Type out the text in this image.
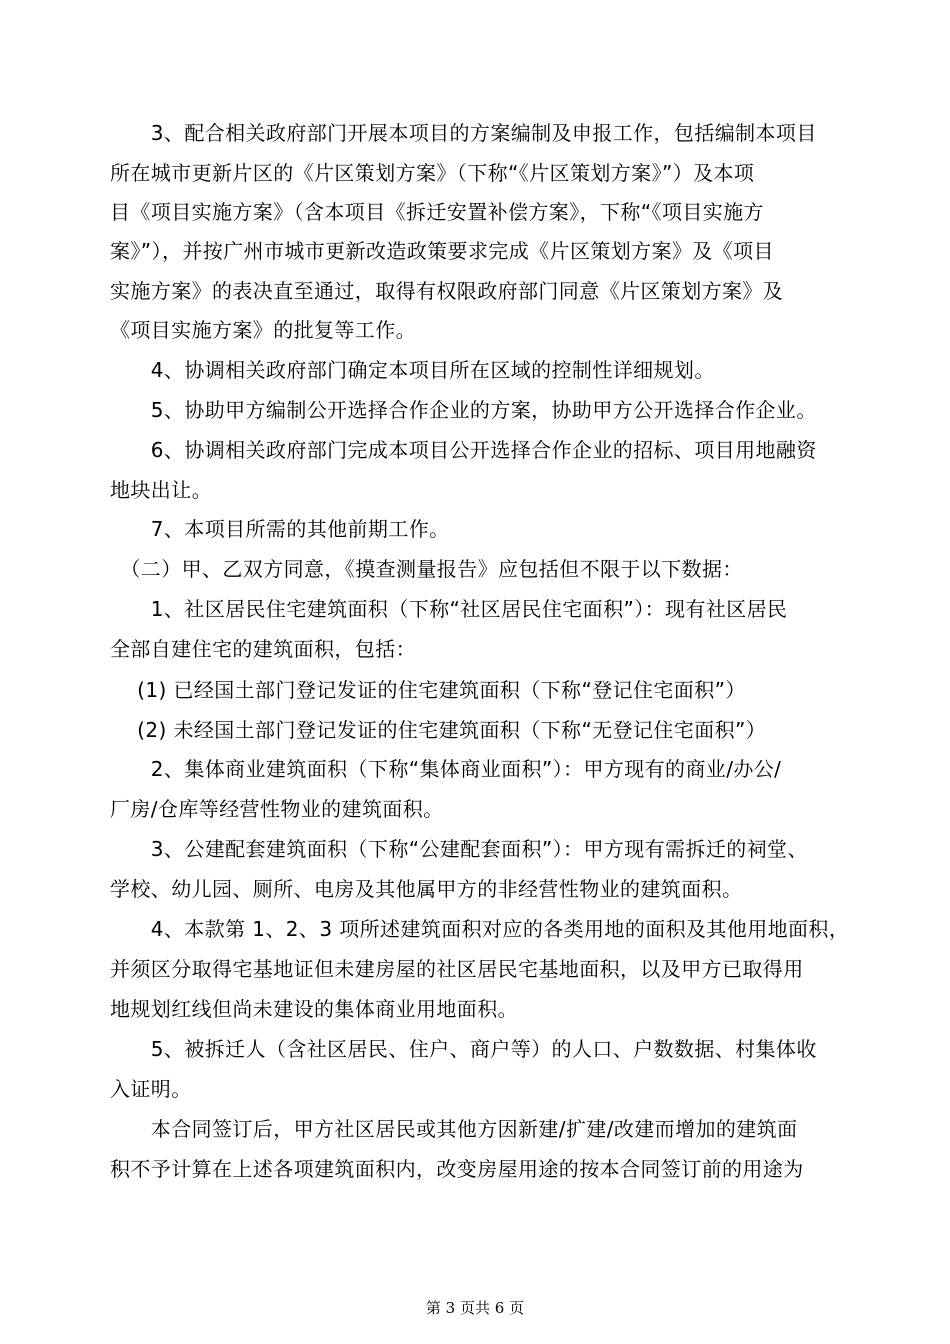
　　3、配合相关政府部门开展本项目的方案编制及申报工作，包括编制本项目
所在城市更新片区的《片区策划方案》（下称“《片区策划方案》”）及本项
目《项目实施方案》（含本项目《拆迁安置补偿方案》，下称“《项目实施方
案》”），并按广州市城市更新改造政策要求完成《片区策划方案》及《项目
实施方案》的表决直至通过，取得有权限政府部门同意《片区策划方案》及
《项目实施方案》的批复等工作。
　　4、协调相关政府部门确定本项目所在区域的控制性详细规划。
　　5、协助甲方编制公开选择合作企业的方案，协助甲方公开选择合作企业。
　　6、协调相关政府部门完成本项目公开选择合作企业的招标、项目用地融资
地块出让。
　　7、本项目所需的其他前期工作。
　（二）甲、乙双方同意，《摸查测量报告》应包括但不限于以下数据：
　　1、社区居民住宅建筑面积（下称“社区居民住宅面积”）：现有社区居民
全部自建住宅的建筑面积，包括：
　 (1) 已经国土部门登记发证的住宅建筑面积（下称“登记住宅面积”）
　 (2) 未经国土部门登记发证的住宅建筑面积（下称“无登记住宅面积”）
　　2、集体商业建筑面积（下称“集体商业面积”）：甲方现有的商业/办公/
厂房/仓库等经营性物业的建筑面积。
　　3、公建配套建筑面积（下称“公建配套面积”）：甲方现有需拆迁的祠堂、
学校、幼儿园、厕所、电房及其他属甲方的非经营性物业的建筑面积。
　　4、本款第 1、2、3 项所述建筑面积对应的各类用地的面积及其他用地面积，
并须区分取得宅基地证但未建房屋的社区居民宅基地面积，以及甲方已取得用
地规划红线但尚未建设的集体商业用地面积。
　　5、被拆迁人（含社区居民、住户、商户等）的人口、户数数据、村集体收
入证明。
　　本合同签订后，甲方社区居民或其他方因新建/扩建/改建而增加的建筑面
积不予计算在上述各项建筑面积内，改变房屋用途的按本合同签订前的用途为
第 3 页共 6 页
